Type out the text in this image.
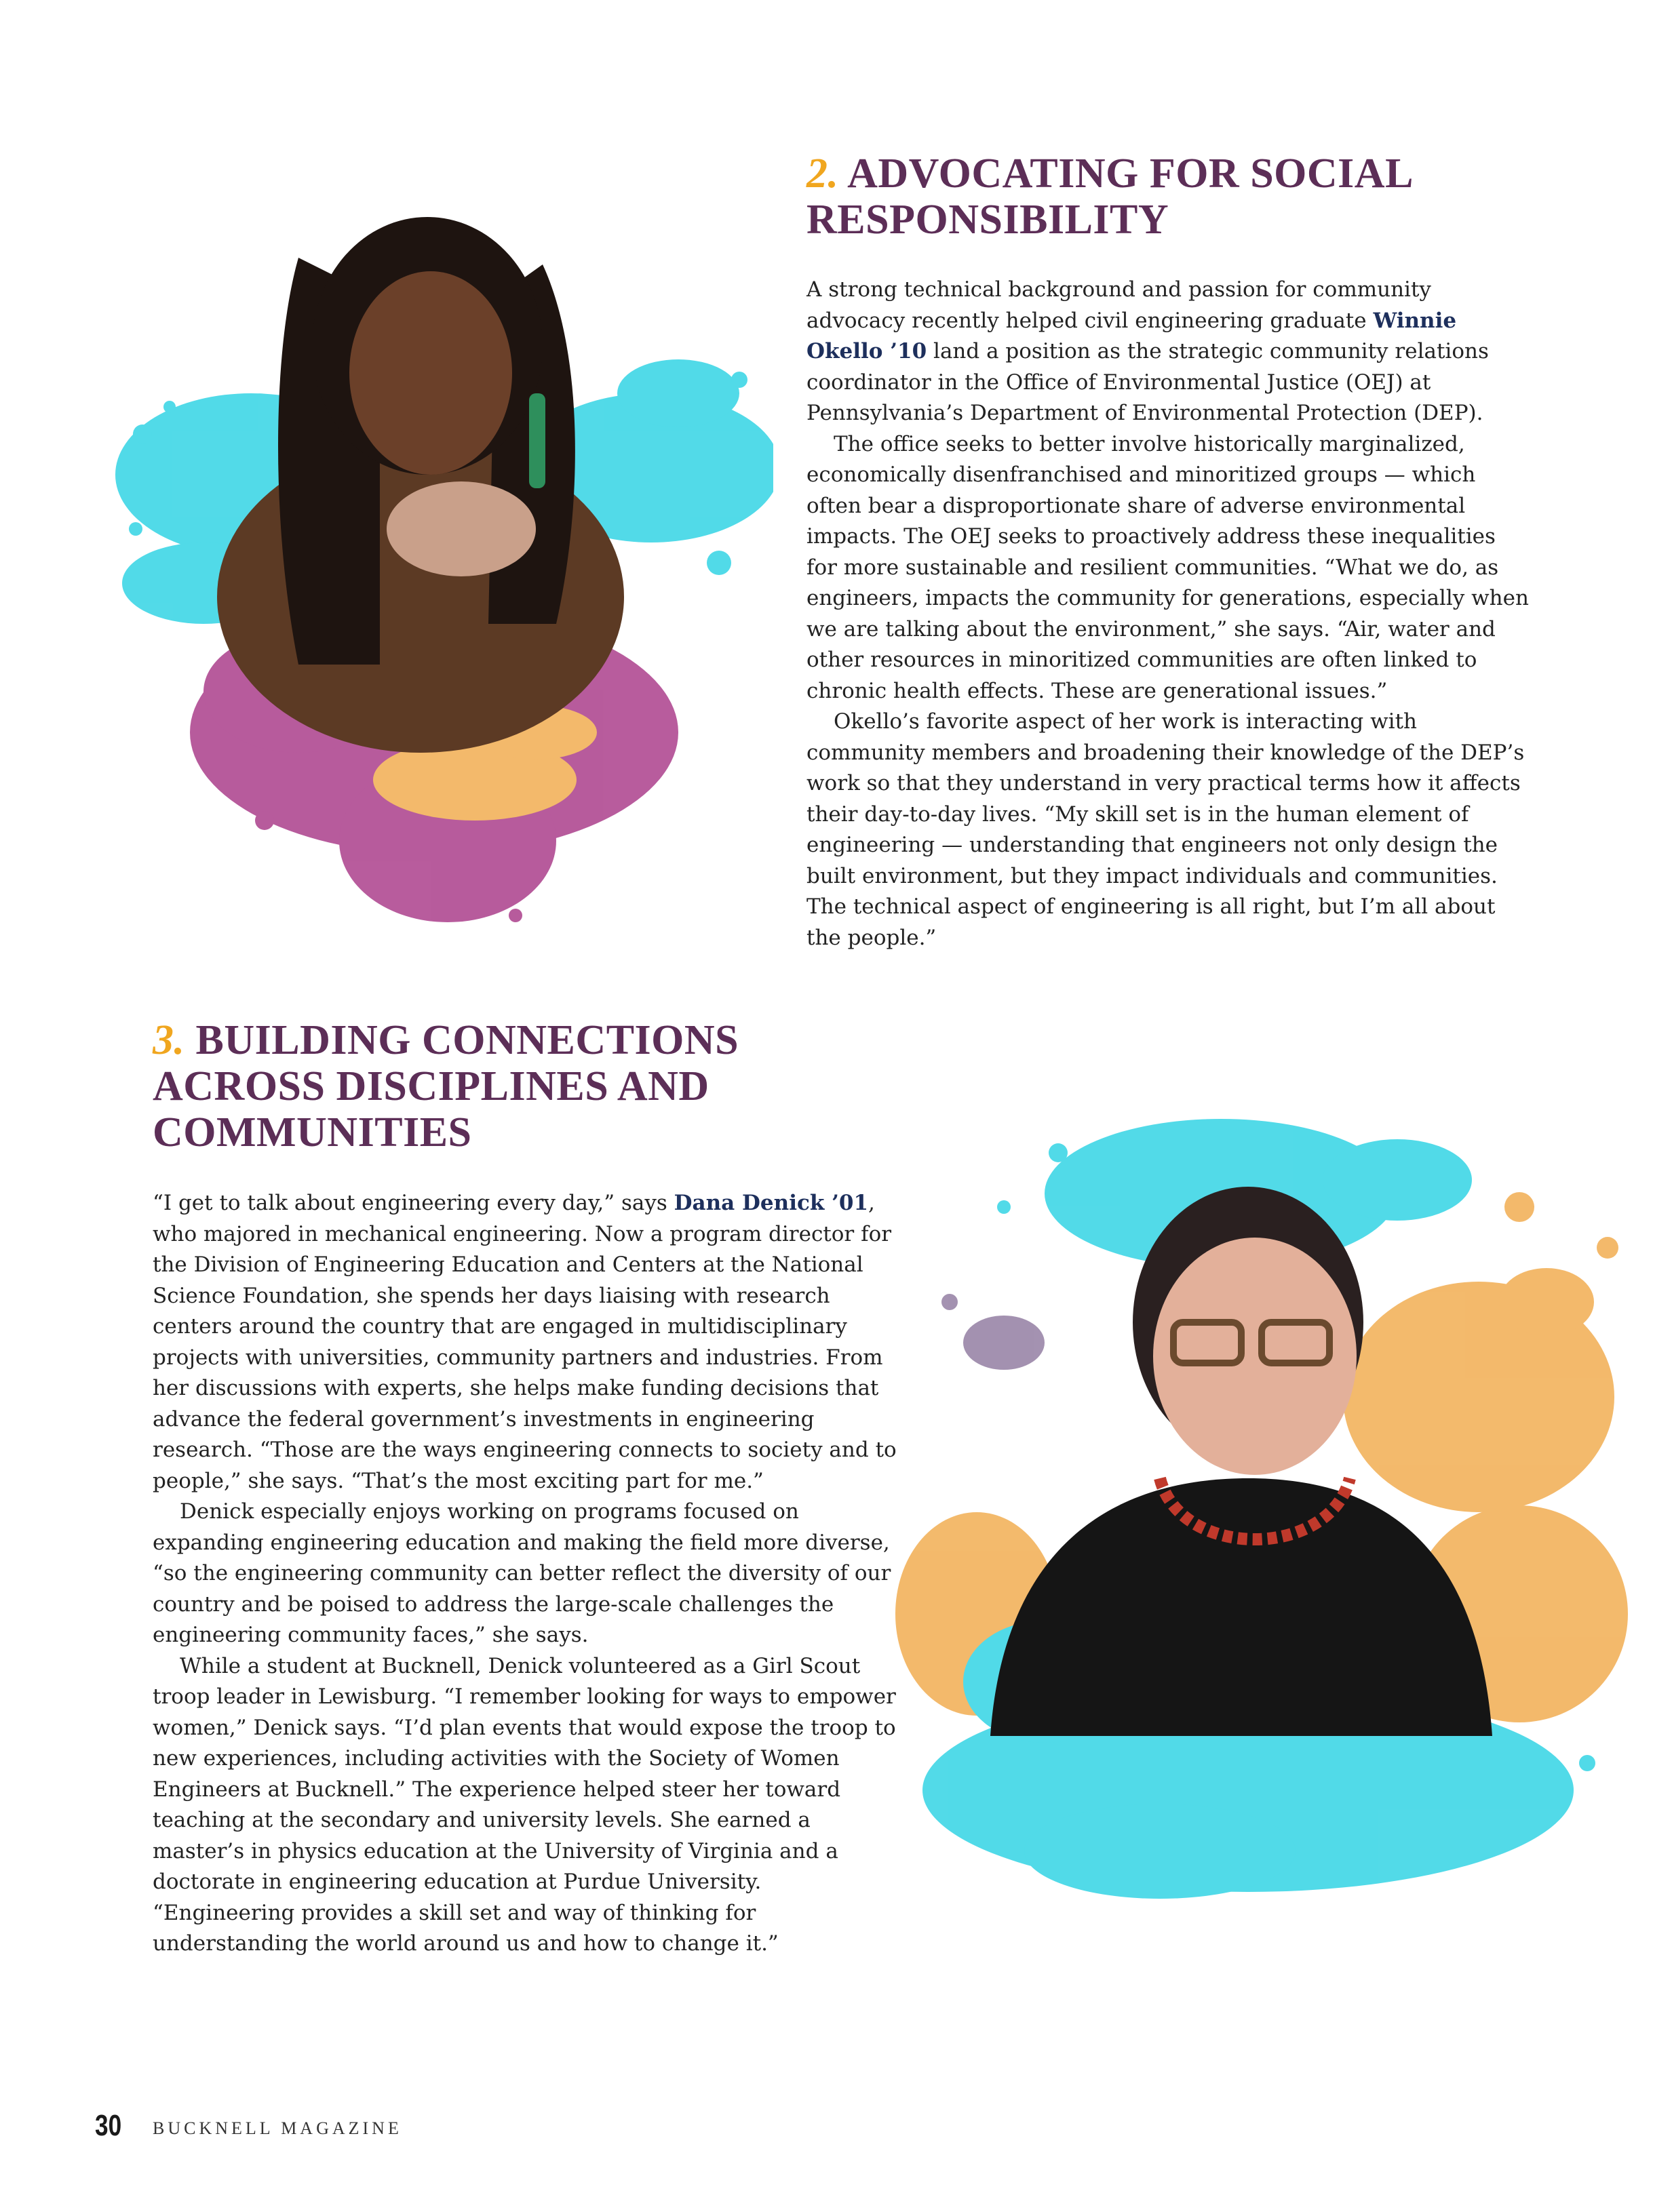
2. ADVOCATING FOR SOCIAL
RESPONSIBILITY

A strong technical background and passion for community advocacy recently helped civil engineering graduate Winnie Okello ’10 land a position as the strategic community relations coordinator in the Office of Environmental Justice (OEJ) at Pennsylvania’s Department of Environmental Protection (DEP).

The office seeks to better involve historically marginalized, economically disenfranchised and minoritized groups — which often bear a disproportionate share of adverse environmental impacts. The OEJ seeks to proactively address these inequalities for more sustainable and resilient communities. “What we do, as engineers, impacts the community for generations, especially when we are talking about the environment,” she says. “Air, water and other resources in minoritized communities are often linked to chronic health effects. These are generational issues.”

Okello’s favorite aspect of her work is interacting with community members and broadening their knowledge of the DEP’s work so that they understand in very practical terms how it affects their day-to-day lives. “My skill set is in the human element of engineering — understanding that engineers not only design the built environment, but they impact individuals and communities. The technical aspect of engineering is all right, but I’m all about the people.”

3. BUILDING CONNECTIONS
ACROSS DISCIPLINES AND
COMMUNITIES

“I get to talk about engineering every day,” says Dana Denick ’01, who majored in mechanical engineering. Now a program director for the Division of Engineering Education and Centers at the National Science Foundation, she spends her days liaising with research centers around the country that are engaged in multidisciplinary projects with universities, community partners and industries. From her discussions with experts, she helps make funding decisions that advance the federal government’s investments in engineering research. “Those are the ways engineering connects to society and to people,” she says. “That’s the most exciting part for me.”

Denick especially enjoys working on programs focused on expanding engineering education and making the field more diverse, “so the engineering community can better reflect the diversity of our country and be poised to address the large-scale challenges the engineering community faces,” she says.

While a student at Bucknell, Denick volunteered as a Girl Scout troop leader in Lewisburg. “I remember looking for ways to empower women,” Denick says. “I’d plan events that would expose the troop to new experiences, including activities with the Society of Women Engineers at Bucknell.” The experience helped steer her toward teaching at the secondary and university levels. She earned a master’s in physics education at the University of Virginia and a doctorate in engineering education at Purdue University. “Engineering provides a skill set and way of thinking for understanding the world around us and how to change it.”

30 BUCKNELL MAGAZINE
